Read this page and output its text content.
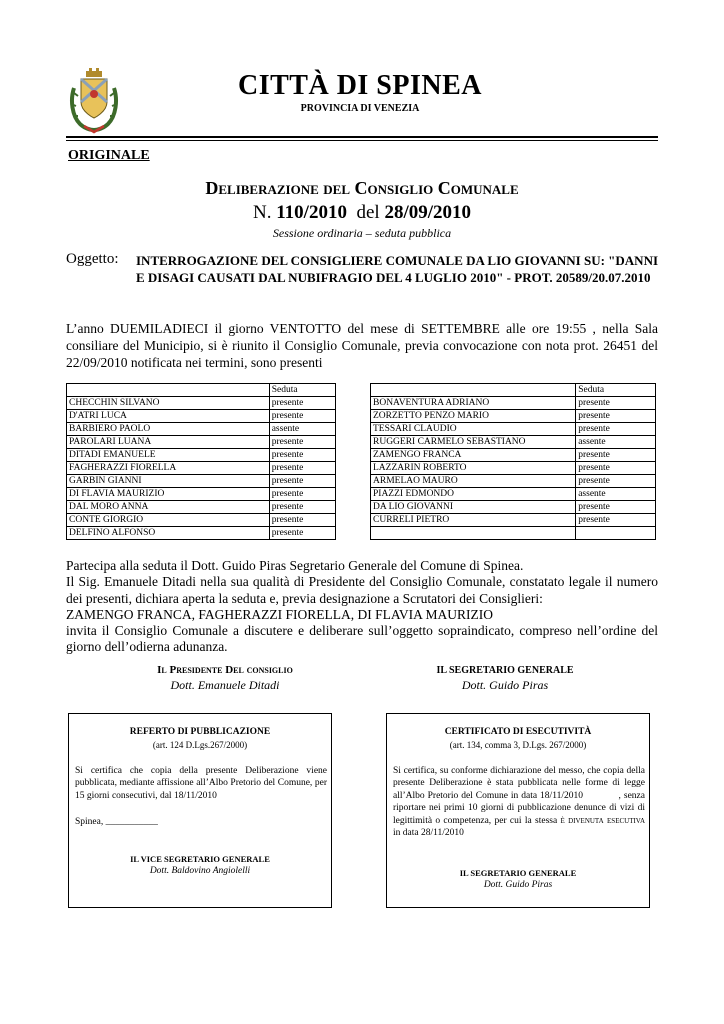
CITTÀ DI SPINEA
PROVINCIA DI VENEZIA
ORIGINALE
Deliberazione del Consiglio Comunale
N. 110/2010  del 28/09/2010
Sessione ordinaria – seduta pubblica
Oggetto: INTERROGAZIONE DEL CONSIGLIERE COMUNALE DA LIO GIOVANNI SU: "DANNI E DISAGI CAUSATI DAL NUBIFRAGIO DEL 4 LUGLIO 2010" - PROT. 20589/20.07.2010
L’anno DUEMILADIECI il giorno VENTOTTO del mese di SETTEMBRE alle ore 19:55 , nella Sala consiliare del Municipio, si è riunito il Consiglio Comunale, previa convocazione con nota prot. 26451 del 22/09/2010 notificata nei termini, sono presenti
	Seduta
CHECCHIN SILVANO	presente
D'ATRI LUCA	presente
BARBIERO PAOLO	assente
PAROLARI LUANA	presente
DITADI EMANUELE	presente
FAGHERAZZI FIORELLA	presente
GARBIN GIANNI	presente
DI FLAVIA MAURIZIO	presente
DAL MORO ANNA	presente
CONTE GIORGIO	presente
DELFINO ALFONSO	presente
	Seduta
BONAVENTURA ADRIANO	presente
ZORZETTO PENZO MARIO	presente
TESSARI CLAUDIO	presente
RUGGERI CARMELO SEBASTIANO	assente
ZAMENGO FRANCA	presente
LAZZARIN ROBERTO	presente
ARMELAO MAURO	presente
PIAZZI EDMONDO	assente
DA LIO GIOVANNI	presente
CURRELI PIETRO	presente

Partecipa alla seduta il Dott. Guido Piras Segretario Generale del Comune di Spinea.
Il Sig. Emanuele Ditadi nella sua qualità di Presidente del Consiglio Comunale, constatato legale il numero dei presenti, dichiara aperta la seduta e, previa designazione a Scrutatori dei Consiglieri:
ZAMENGO FRANCA, FAGHERAZZI FIORELLA, DI FLAVIA MAURIZIO
invita il Consiglio Comunale a discutere e deliberare sull’oggetto sopraindicato, compreso nell’ordine del giorno dell’odierna adunanza.
Il Presidente Del consiglio
Dott. Emanuele Ditadi
IL SEGRETARIO GENERALE
Dott. Guido Piras
REFERTO DI PUBBLICAZIONE
(art. 124 D.Lgs.267/2000)
Si certifica che copia della presente Deliberazione viene pubblicata, mediante affissione all’Albo Pretorio del Comune, per 15 giorni consecutivi, dal 18/11/2010
Spinea, ___________
IL VICE SEGRETARIO GENERALE
Dott. Baldovino Angiolelli
CERTIFICATO DI ESECUTIVITÀ
(art. 134, comma 3, D.Lgs. 267/2000)
Si certifica, su conforme dichiarazione del messo, che copia della presente Deliberazione è stata pubblicata nelle forme di legge all’Albo Pretorio del Comune in data 18/11/2010            , senza riportare nei primi 10 giorni di pubblicazione denunce di vizi di legittimità o competenza, per cui la stessa è divenuta esecutiva in data 28/11/2010
IL SEGRETARIO GENERALE
Dott. Guido Piras
